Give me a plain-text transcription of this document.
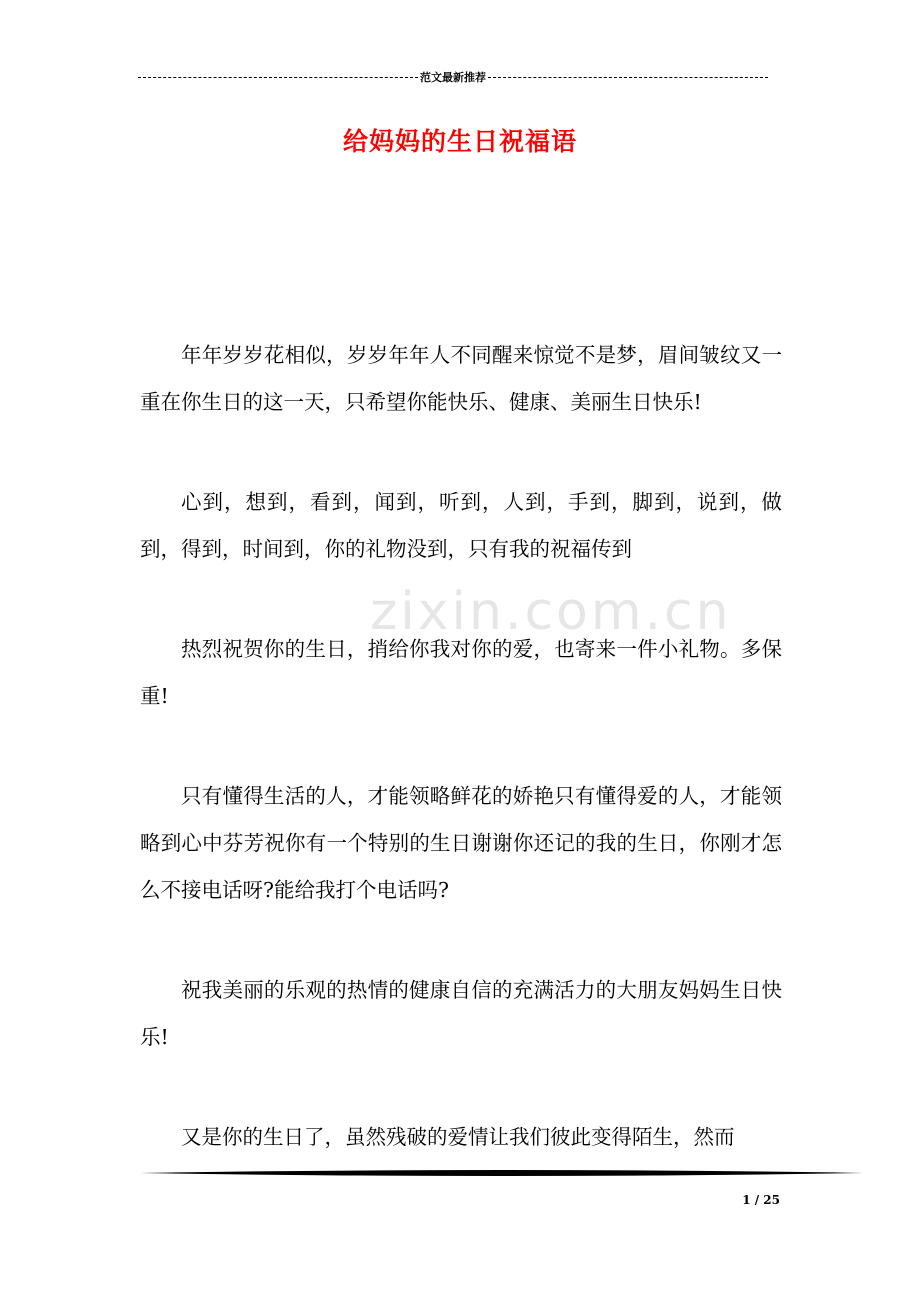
范文最新推荐
给妈妈的生日祝福语
zixin.com.cn

年年岁岁花相似，岁岁年年人不同醒来惊觉不是梦，眉间皱纹又一重在你生日的这一天，只希望你能快乐、健康、美丽生日快乐!

心到，想到，看到，闻到，听到，人到，手到，脚到，说到，做到，得到，时间到，你的礼物没到，只有我的祝福传到

热烈祝贺你的生日，捎给你我对你的爱，也寄来一件小礼物。多保重!

只有懂得生活的人，才能领略鲜花的娇艳只有懂得爱的人，才能领略到心中芬芳祝你有一个特别的生日谢谢你还记的我的生日，你刚才怎么不接电话呀?能给我打个电话吗?

祝我美丽的乐观的热情的健康自信的充满活力的大朋友妈妈生日快乐!

又是你的生日了，虽然残破的爱情让我们彼此变得陌生，然而

1 / 25
